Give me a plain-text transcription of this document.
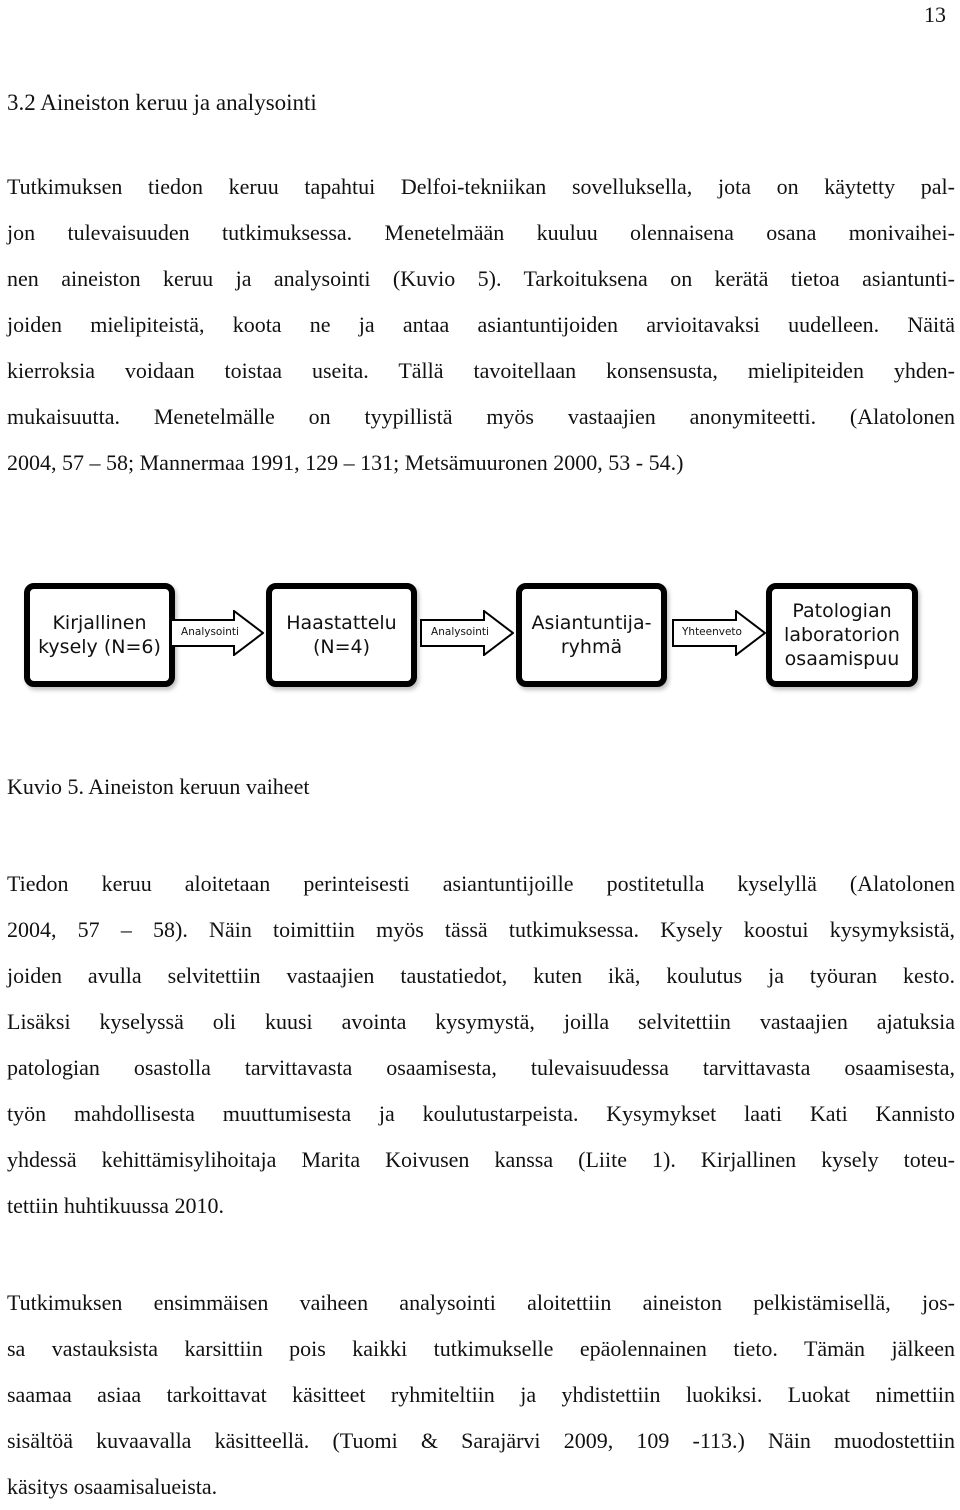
13
3.2 Aineiston keruu ja analysointi
Tutkimuksen tiedon keruu tapahtui Delfoi-tekniikan sovelluksella, jota on käytetty pal-
jon tulevaisuuden tutkimuksessa. Menetelmään kuuluu olennaisena osana monivaihei-
nen aineiston keruu ja analysointi (Kuvio 5). Tarkoituksena on kerätä tietoa asiantunti-
joiden mielipiteistä, koota ne ja antaa asiantuntijoiden arvioitavaksi uudelleen. Näitä
kierroksia voidaan toistaa useita. Tällä tavoitellaan konsensusta, mielipiteiden yhden-
mukaisuutta. Menetelmälle on tyypillistä myös vastaajien anonymiteetti. (Alatolonen
2004, 57 – 58; Mannermaa 1991, 129 – 131; Metsämuuronen 2000, 53 - 54.)
Kirjallinen
kysely (N=6)
Analysointi	Haastattelu
(N=4)
Analysointi	Asiantuntija-
ryhmä
Yhteenveto
Patologian
laboratorion
osaamispuu

Kuvio 5. Aineiston keruun vaiheet

Tiedon keruu aloitetaan perinteisesti asiantuntijoille postitetulla kyselyllä (Alatolonen
2004, 57 – 58). Näin toimittiin myös tässä tutkimuksessa. Kysely koostui kysymyksistä,
joiden avulla selvitettiin vastaajien taustatiedot, kuten ikä, koulutus ja työuran kesto.
Lisäksi kyselyssä oli kuusi avointa kysymystä, joilla selvitettiin vastaajien ajatuksia
patologian osastolla tarvittavasta osaamisesta, tulevaisuudessa tarvittavasta osaamisesta,
työn mahdollisesta muuttumisesta ja koulutustarpeista. Kysymykset laati Kati Kannisto
yhdessä kehittämisylihoitaja Marita Koivusen kanssa (Liite 1). Kirjallinen kysely toteu-
tettiin huhtikuussa 2010.
Tutkimuksen ensimmäisen vaiheen analysointi aloitettiin aineiston pelkistämisellä, jos-
sa vastauksista karsittiin pois kaikki tutkimukselle epäolennainen tieto. Tämän jälkeen
saamaa asiaa tarkoittavat käsitteet ryhmiteltiin ja yhdistettiin luokiksi. Luokat nimettiin
sisältöä kuvaavalla käsitteellä. (Tuomi & Sarajärvi 2009, 109 -113.) Näin muodostettiin
käsitys osaamisalueista.
